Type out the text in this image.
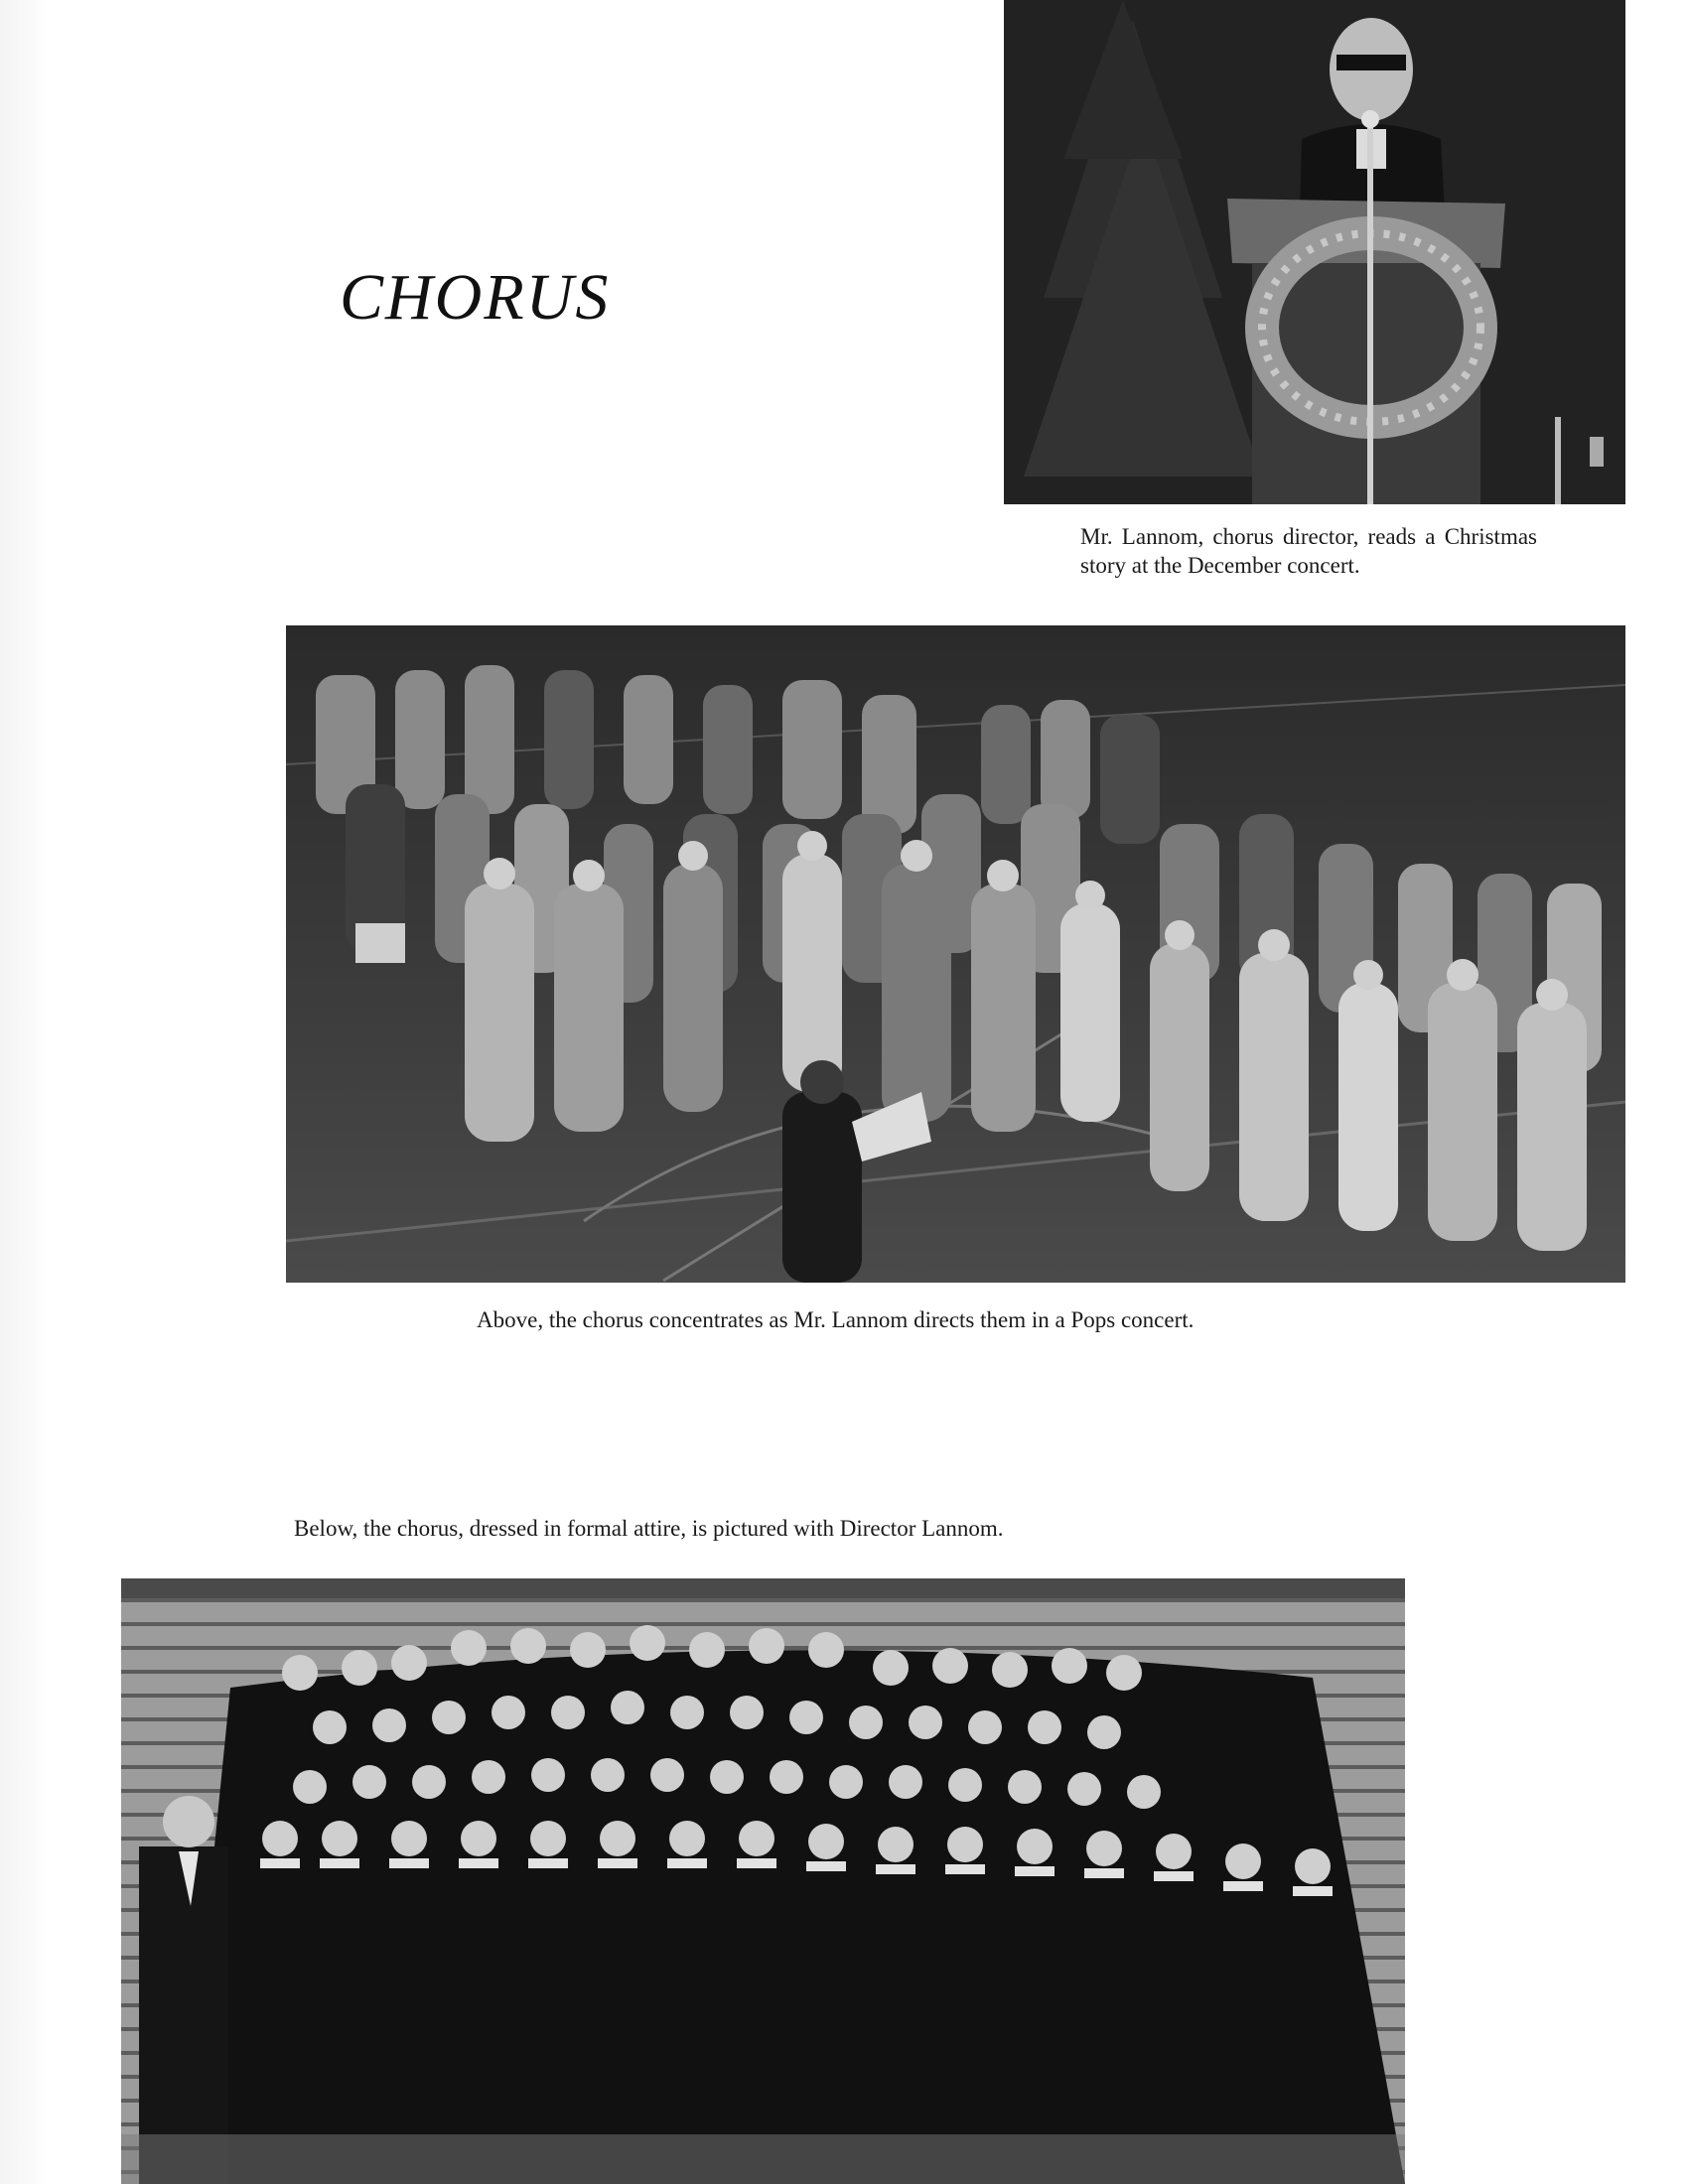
CHORUS
Mr. Lannom, chorus director, reads a Christmas story at the December concert.
Above, the chorus concentrates as Mr. Lannom directs them in a Pops concert.
Below, the chorus, dressed in formal attire, is pictured with Director Lannom.
